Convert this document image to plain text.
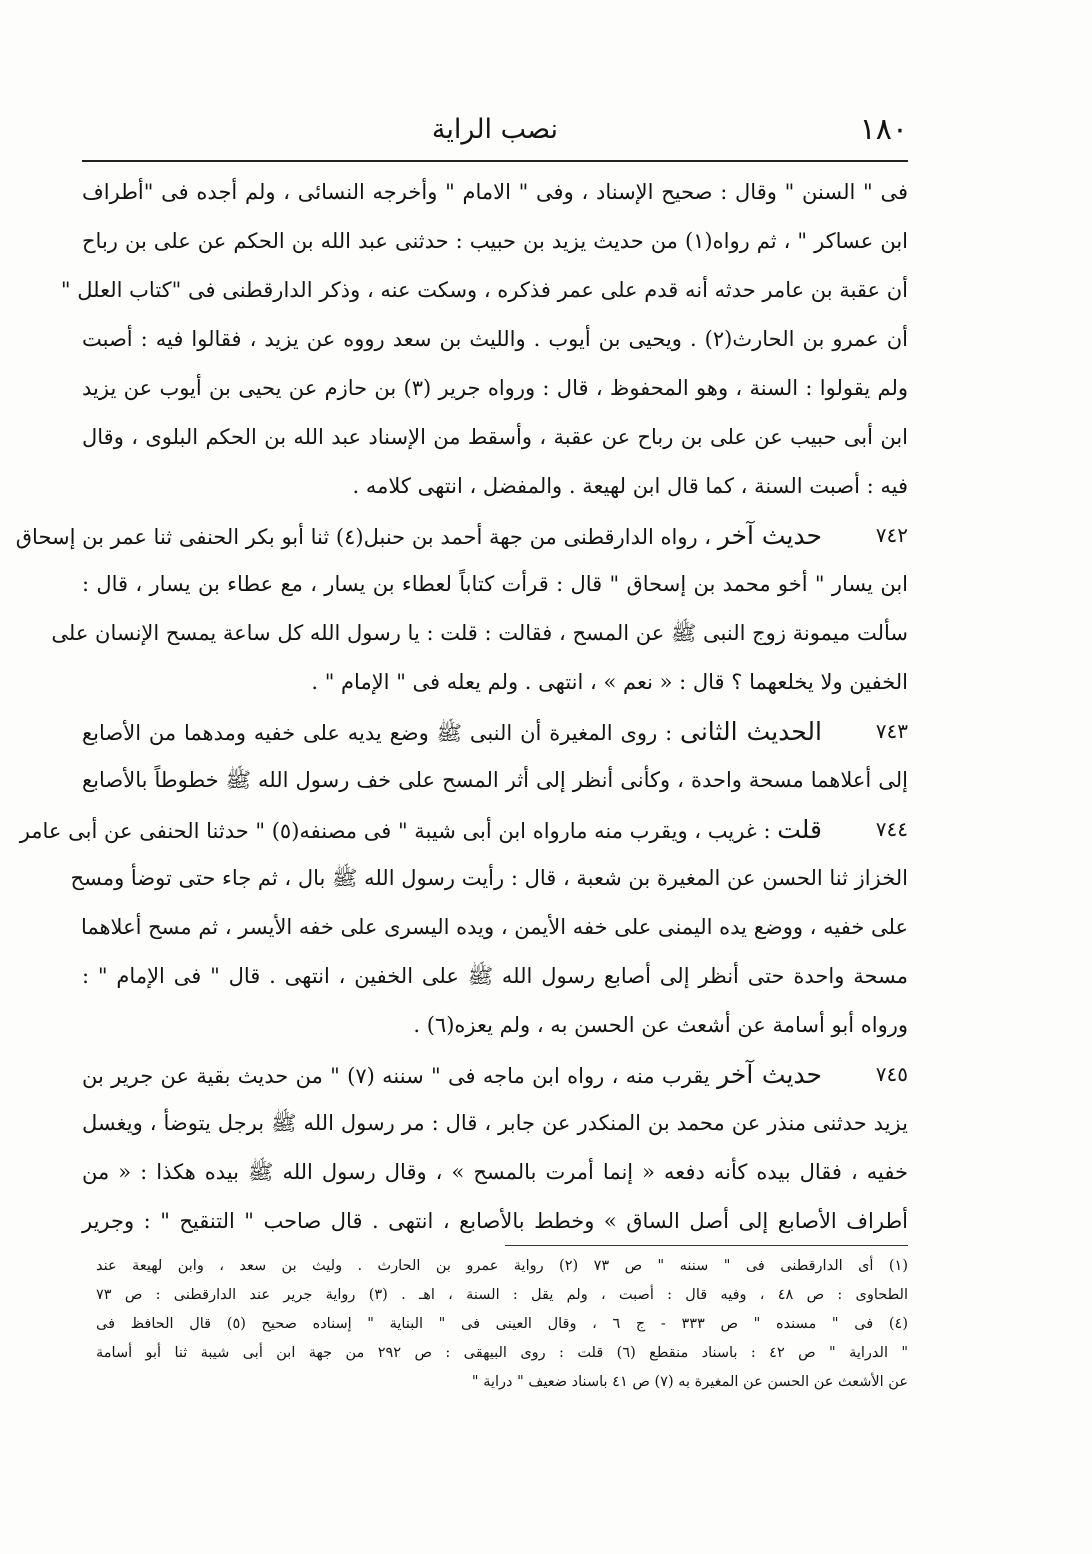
١٨٠
نصب الراية
فى " السنن " وقال : صحيح الإسناد ، وفى " الامام " وأخرجه النسائى ، ولم أجده فى "أطراف
ابن عساكر " ، ثم رواه(١) من حديث يزيد بن حبيب : حدثنى عبد الله بن الحكم عن على بن رباح
أن عقبة بن عامر حدثه أنه قدم على عمر فذكره ، وسكت عنه ، وذكر الدارقطنى فى "كتاب العلل "
أن عمرو بن الحارث(٢) . ويحيى بن أيوب . والليث بن سعد رووه عن يزيد ، فقالوا فيه : أصبت
ولم يقولوا : السنة ، وهو المحفوظ ، قال : ورواه جرير (٣) بن حازم عن يحيى بن أيوب عن يزيد
ابن أبى حبيب عن على بن رباح عن عقبة ، وأسقط من الإسناد عبد الله بن الحكم البلوى ، وقال
فيه : أصبت السنة ، كما قال ابن لهيعة . والمفضل ، انتهى كلامه .
٧٤٢
حديث آخر ، رواه الدارقطنى من جهة أحمد بن حنبل(٤) ثنا أبو بكر الحنفى ثنا عمر بن إسحاق
ابن يسار " أخو محمد بن إسحاق " قال : قرأت كتاباً لعطاء بن يسار ، مع عطاء بن يسار ، قال :
سألت ميمونة زوج النبى ﷺ عن المسح ، فقالت : قلت : يا رسول الله كل ساعة يمسح الإنسان على
الخفين ولا يخلعهما ؟ قال : « نعم » ، انتهى . ولم يعله فى " الإمام " .
٧٤٣
الحديث الثانى : روى المغيرة أن النبى ﷺ وضع يديه على خفيه ومدهما من الأصابع
إلى أعلاهما مسحة واحدة ، وكأنى أنظر إلى أثر المسح على خف رسول الله ﷺ خطوطاً بالأصابع
٧٤٤
قلت : غريب ، ويقرب منه مارواه ابن أبى شيبة " فى مصنفه(٥) " حدثنا الحنفى عن أبى عامر
الخزاز ثنا الحسن عن المغيرة بن شعبة ، قال : رأيت رسول الله ﷺ بال ، ثم جاء حتى توضأ ومسح
على خفيه ، ووضع يده اليمنى على خفه الأيمن ، ويده اليسرى على خفه الأيسر ، ثم مسح أعلاهما
مسحة واحدة حتى أنظر إلى أصابع رسول الله ﷺ على الخفين ، انتهى . قال " فى الإمام " :
ورواه أبو أسامة عن أشعث عن الحسن به ، ولم يعزه(٦) .
٧٤٥
حديث آخر يقرب منه ، رواه ابن ماجه فى " سننه (٧) " من حديث بقية عن جرير بن
يزيد حدثنى منذر عن محمد بن المنكدر عن جابر ، قال : مر رسول الله ﷺ برجل يتوضأ ، ويغسل
خفيه ، فقال بيده كأنه دفعه « إنما أمرت بالمسح » ، وقال رسول الله ﷺ بيده هكذا : « من
أطراف الأصابع إلى أصل الساق » وخطط بالأصابع ، انتهى . قال صاحب " التنقيح " : وجرير
(١) أى الدارقطنى فى " سننه " ص ٧٣ (٢) رواية عمرو بن الحارث . وليث بن سعد ، وابن لهيعة عند
الطحاوى : ص ٤٨ ، وفيه قال : أصبت ، ولم يقل : السنة ، اهـ . (٣) رواية جرير عند الدارقطنى : ص ٧٣
(٤) فى " مسنده " ص ٣٣٣ - ج ٦ ، وقال العينى فى " البناية " إسناده صحيح (٥) قال الحافظ فى
" الدراية " ص ٤٢ : باسناد منقطع (٦) قلت : روى البيهقى : ص ٢٩٢ من جهة ابن أبى شيبة ثنا أبو أسامة
عن الأشعث عن الحسن عن المغيرة به (٧) ص ٤١ باسناد ضعيف " دراية "
